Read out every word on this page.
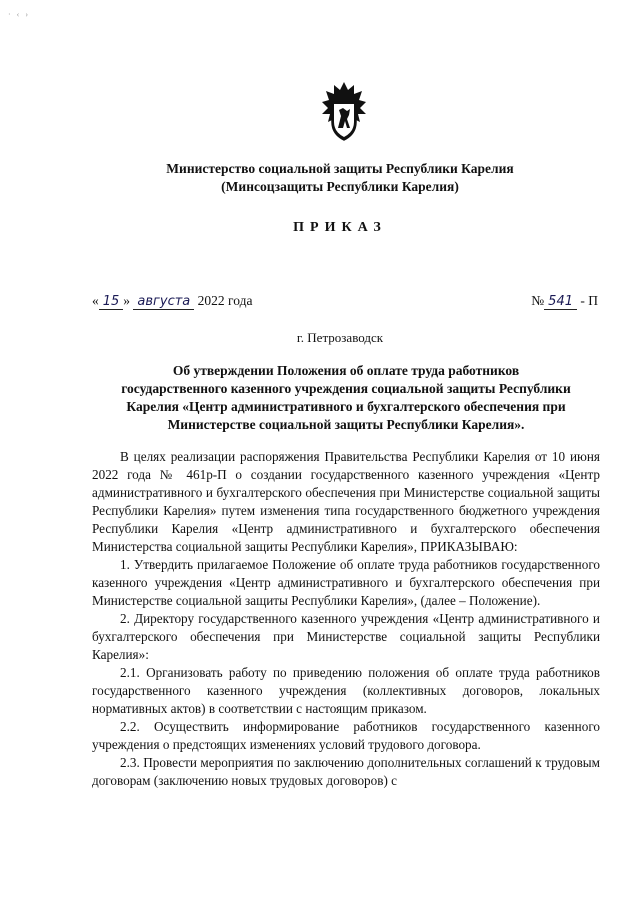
· ‹ ›
Министерство социальной защиты Республики Карелия
(Минсоцзащиты Республики Карелия)
ПРИКАЗ
« 15 » августа 2022 года	№ 541 - П
г. Петрозаводск
Об утверждении Положения об оплате труда работников
государственного казенного учреждения социальной защиты Республики
Карелия «Центр административного и бухгалтерского обеспечения при
Министерстве социальной защиты Республики Карелия».

В целях реализации распоряжения Правительства Республики Карелия от 10 июня 2022 года № 461р-П о создании государственного казенного учреждения «Центр административного и бухгалтерского обеспечения при Министерстве социальной защиты Республики Карелия» путем изменения типа государственного бюджетного учреждения Республики Карелия «Центр административного и бухгалтерского обеспечения Министерства социальной защиты Республики Карелия», ПРИКАЗЫВАЮ:

1. Утвердить прилагаемое Положение об оплате труда работников государственного казенного учреждения «Центр административного и бухгалтерского обеспечения при Министерстве социальной защиты Республики Карелия», (далее – Положение).

2. Директору государственного казенного учреждения «Центр административного и бухгалтерского обеспечения при Министерстве социальной защиты Республики Карелия»:

2.1. Организовать работу по приведению положения об оплате труда работников государственного казенного учреждения (коллективных договоров, локальных нормативных актов) в соответствии с настоящим приказом.

2.2. Осуществить информирование работников государственного казенного учреждения о предстоящих изменениях условий трудового договора.

2.3. Провести мероприятия по заключению дополнительных соглашений к трудовым договорам (заключению новых трудовых договоров) с
